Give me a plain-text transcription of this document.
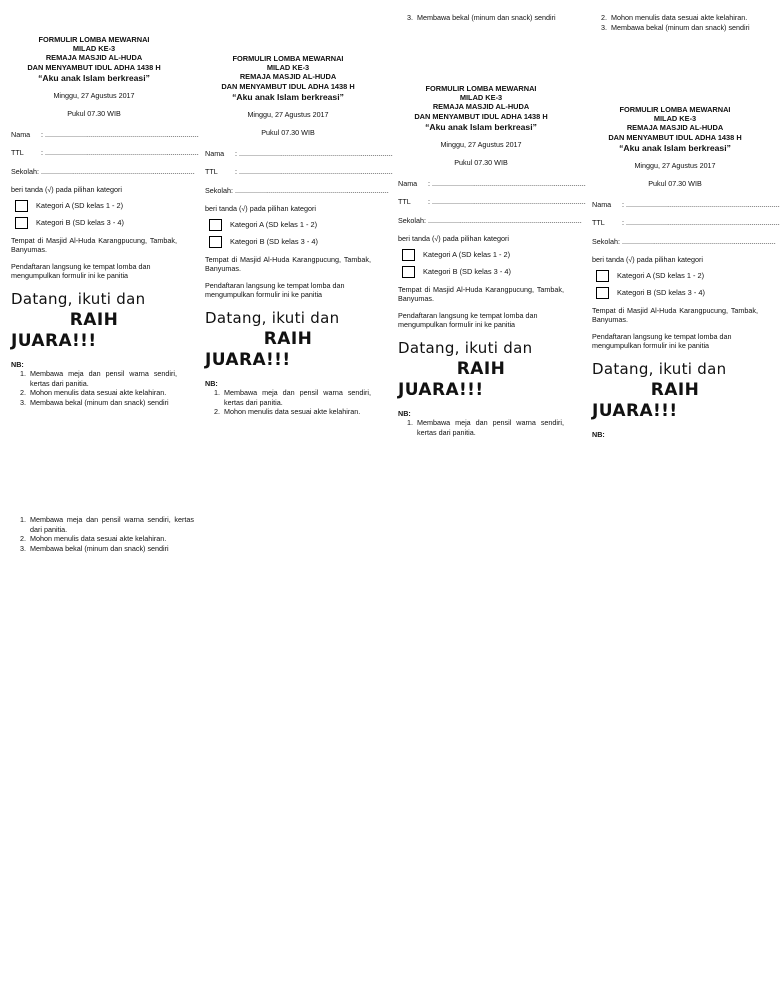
FORMULIR LOMBA MEWARNAI
MILAD KE-3
REMAJA MASJID AL-HUDA
DAN MENYAMBUT IDUL ADHA 1438 H
“Aku anak Islam berkreasi”
Minggu, 27 Agustus 2017
Pukul 07.30 WIB
Nama	: .............................................................................
TTL	: .............................................................................
Sekolah : .............................................................................
beri tanda (√) pada pilihan kategori
Kategori A (SD kelas 1 - 2)
Kategori B (SD kelas 3 - 4)
Tempat di Masjid Al-Huda Karangpucung, Tambak, Banyumas.
Pendaftaran langsung ke tempat lomba dan mengumpulkan formulir ini ke panitia
Datang, ikuti dan
RAIH
JUARA!!!
NB:
1. Membawa meja dan pensil warna sendiri, kertas dari panitia.
2. Mohon menulis data sesuai akte kelahiran.
3. Membawa bekal (minum dan snack) sendiri
1. Membawa meja dan pensil warna sendiri, kertas dari panitia.
2. Mohon menulis data sesuai akte kelahiran.
3. Membawa bekal (minum dan snack) sendiri
FORMULIR LOMBA MEWARNAI
MILAD KE-3
REMAJA MASJID AL-HUDA
DAN MENYAMBUT IDUL ADHA 1438 H
“Aku anak Islam berkreasi”
Minggu, 27 Agustus 2017
Pukul 07.30 WIB
Nama	: .............................................................................
TTL	: .............................................................................
Sekolah : .............................................................................
beri tanda (√) pada pilihan kategori
Kategori A (SD kelas 1 - 2)
Kategori B (SD kelas 3 - 4)
Tempat di Masjid Al-Huda Karangpucung, Tambak, Banyumas.
Pendaftaran langsung ke tempat lomba dan mengumpulkan formulir ini ke panitia
Datang, ikuti dan
RAIH
JUARA!!!
NB:
1. Membawa meja dan pensil warna sendiri, kertas dari panitia.
2. Mohon menulis data sesuai akte kelahiran.
3. Membawa bekal (minum dan snack) sendiri
FORMULIR LOMBA MEWARNAI
MILAD KE-3
REMAJA MASJID AL-HUDA
DAN MENYAMBUT IDUL ADHA 1438 H
“Aku anak Islam berkreasi”
Minggu, 27 Agustus 2017
Pukul 07.30 WIB
Nama	: .............................................................................
TTL	: .............................................................................
Sekolah : .............................................................................
beri tanda (√) pada pilihan kategori
Kategori A (SD kelas 1 - 2)
Kategori B (SD kelas 3 - 4)
Tempat di Masjid Al-Huda Karangpucung, Tambak, Banyumas.
Pendaftaran langsung ke tempat lomba dan mengumpulkan formulir ini ke panitia
Datang, ikuti dan
RAIH
JUARA!!!
NB:
1. Membawa meja dan pensil warna sendiri, kertas dari panitia.
2. Mohon menulis data sesuai akte kelahiran.
3. Membawa bekal (minum dan snack) sendiri
FORMULIR LOMBA MEWARNAI
MILAD KE-3
REMAJA MASJID AL-HUDA
DAN MENYAMBUT IDUL ADHA 1438 H
“Aku anak Islam berkreasi”
Minggu, 27 Agustus 2017
Pukul 07.30 WIB
Nama	: .............................................................................
TTL	: .............................................................................
Sekolah : .............................................................................
beri tanda (√) pada pilihan kategori
Kategori A (SD kelas 1 - 2)
Kategori B (SD kelas 3 - 4)
Tempat di Masjid Al-Huda Karangpucung, Tambak, Banyumas.
Pendaftaran langsung ke tempat lomba dan mengumpulkan formulir ini ke panitia
Datang, ikuti dan
RAIH
JUARA!!!
NB:
